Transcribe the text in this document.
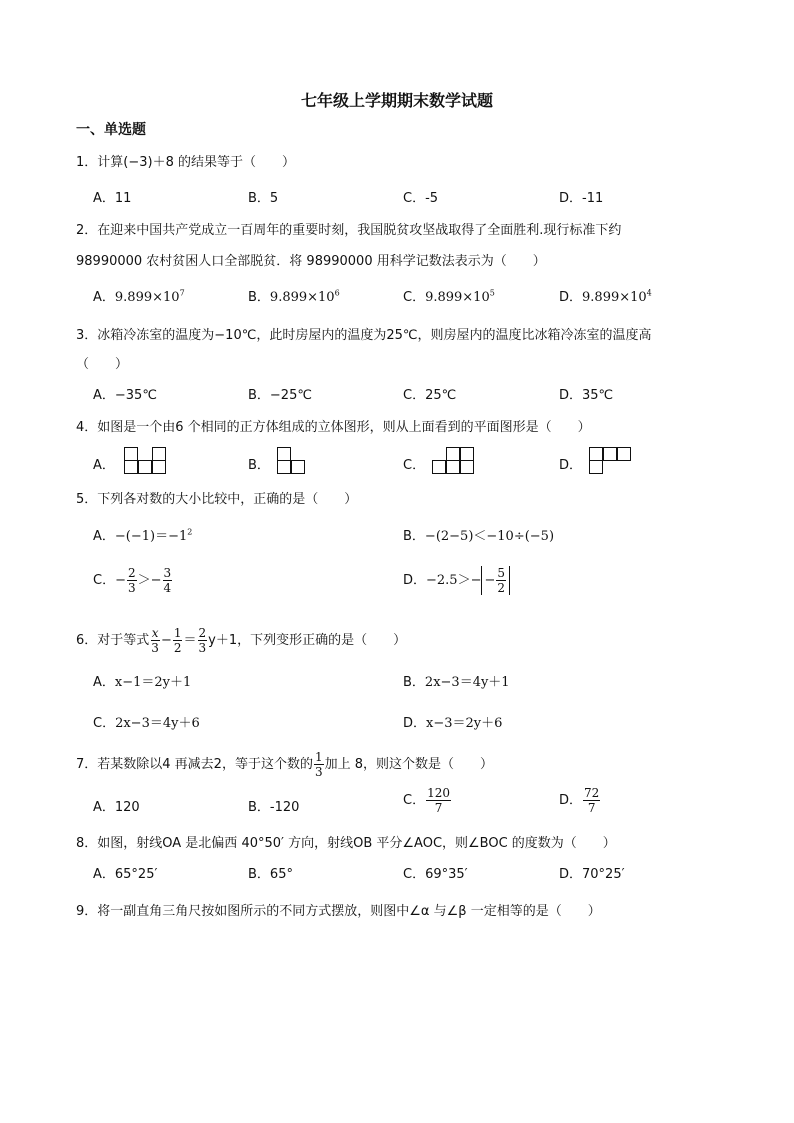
七年级上学期期末数学试题
一、单选题
1．计算(−3)＋8 的结果等于（　　）
A．11	B．5	C．-5	D．-11
2．在迎来中国共产党成立一百周年的重要时刻，我国脱贫攻坚战取得了全面胜利.现行标准下约
98990000 农村贫困人口全部脱贫．将 98990000 用科学记数法表示为（　　）
A．$9.899\times 10^7$	B．$9.899\times 10^6$	C．$9.899\times 10^5$	D．$9.899\times 10^4$
3．冰箱冷冻室的温度为−10℃，此时房屋内的温度为25℃，则房屋内的温度比冰箱冷冻室的温度高
（　　）
A．−35℃	B．−25℃	C．25℃	D．35℃
4．如图是一个由6 个相同的正方体组成的立体图形，则从上面看到的平面图形是（　　）
A．	B．	C．	D．
5．下列各对数的大小比较中，正确的是（　　）
A．$-(-1)=-1^2$	B．−(2−5)＜−10÷(−5)
C．− $\frac{2}{3} >- \frac{3}{4}$	D．$-2.5>- - \frac{5}{2}$
6．对于等式 $\frac{x}{3} - \frac{1}{2} = \frac{2}{3} y+1$，下列变形正确的是（　　）
A．x−1＝2y＋1	B．2x−3＝4y＋1
C．2x−3＝4y＋6	D．x−3＝2y＋6
7．若某数除以4 再减去2，等于这个数的 $\frac{1}{3}$ 加上 8，则这个数是（　　）
A．120	B．-120	C． $\frac{120}{7}$	D． $\frac{72}{7}$
8．如图，射线OA 是北偏西 40°50′ 方向，射线OB 平分∠AOC，则∠BOC 的度数为（　　）
A．65°25′	B．65°	C．69°35′	D．70°25′
9．将一副直角三角尺按如图所示的不同方式摆放，则图中∠α 与∠β 一定相等的是（　　）
